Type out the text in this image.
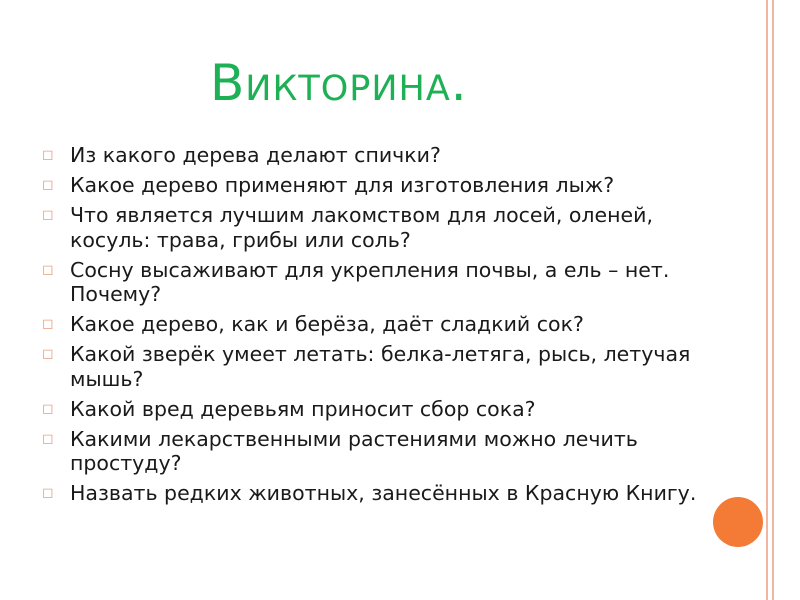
Викторина.
◻ Из какого дерева делают спички?
◻ Какое дерево применяют для изготовления лыж?
◻ Что является лучшим лакомством для лосей, оленей, косуль: трава, грибы или соль?
◻ Сосну высаживают для укрепления почвы, а ель – нет. Почему?
◻ Какое дерево, как и берёза, даёт сладкий сок?
◻ Какой зверёк умеет летать: белка-летяга, рысь, летучая мышь?
◻ Какой вред деревьям приносит сбор сока?
◻ Какими лекарственными растениями можно лечить простуду?
◻ Назвать редких животных, занесённых в Красную Книгу.
